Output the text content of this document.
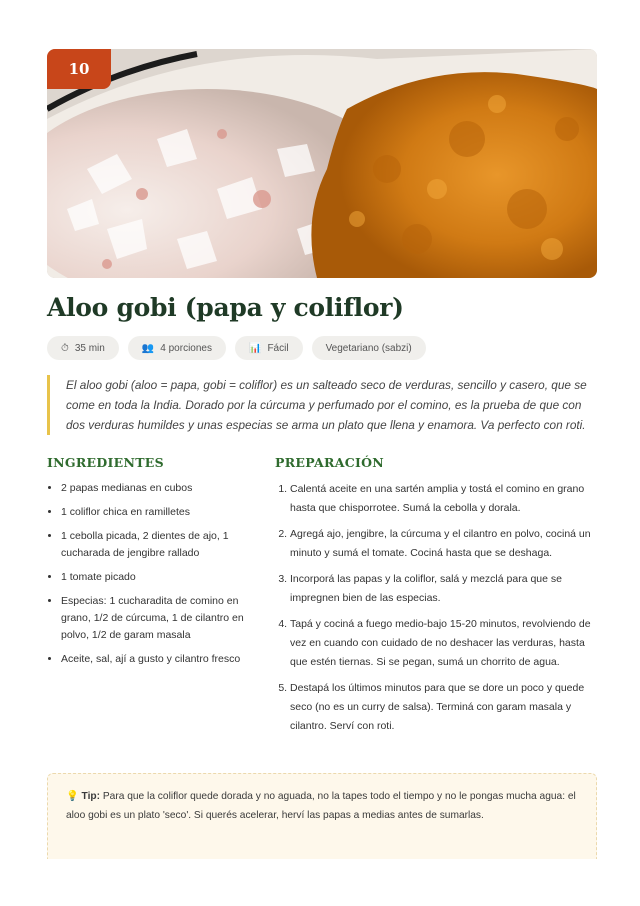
10
Aloo gobi (papa y coliflor)
⏱ 35 min	👥 4 porciones	📊 Fácil	Vegetariano (sabzi)
El aloo gobi (aloo = papa, gobi = coliflor) es un salteado seco de verduras, sencillo y casero, que se come en toda la India. Dorado por la cúrcuma y perfumado por el comino, es la prueba de que con dos verduras humildes y unas especias se arma un plato que llena y enamora. Va perfecto con roti.
INGREDIENTES
• 2 papas medianas en cubos
• 1 coliflor chica en ramilletes
• 1 cebolla picada, 2 dientes de ajo, 1 cucharada de jengibre rallado
• 1 tomate picado
• Especias: 1 cucharadita de comino en grano, 1/2 de cúrcuma, 1 de cilantro en polvo, 1/2 de garam masala
• Aceite, sal, ají a gusto y cilantro fresco
PREPARACIÓN
1. Calentá aceite en una sartén amplia y tostá el comino en grano hasta que chisporrotee. Sumá la cebolla y dorala.
2. Agregá ajo, jengibre, la cúrcuma y el cilantro en polvo, cociná un minuto y sumá el tomate. Cociná hasta que se deshaga.
3. Incorporá las papas y la coliflor, salá y mezclá para que se impregnen bien de las especias.
4. Tapá y cociná a fuego medio-bajo 15-20 minutos, revolviendo de vez en cuando con cuidado de no deshacer las verduras, hasta que estén tiernas. Si se pegan, sumá un chorrito de agua.
5. Destapá los últimos minutos para que se dore un poco y quede seco (no es un curry de salsa). Terminá con garam masala y cilantro. Serví con roti.
💡 Tip: Para que la coliflor quede dorada y no aguada, no la tapes todo el tiempo y no le pongas mucha agua: el aloo gobi es un plato 'seco'. Si querés acelerar, herví las papas a medias antes de sumarlas.
